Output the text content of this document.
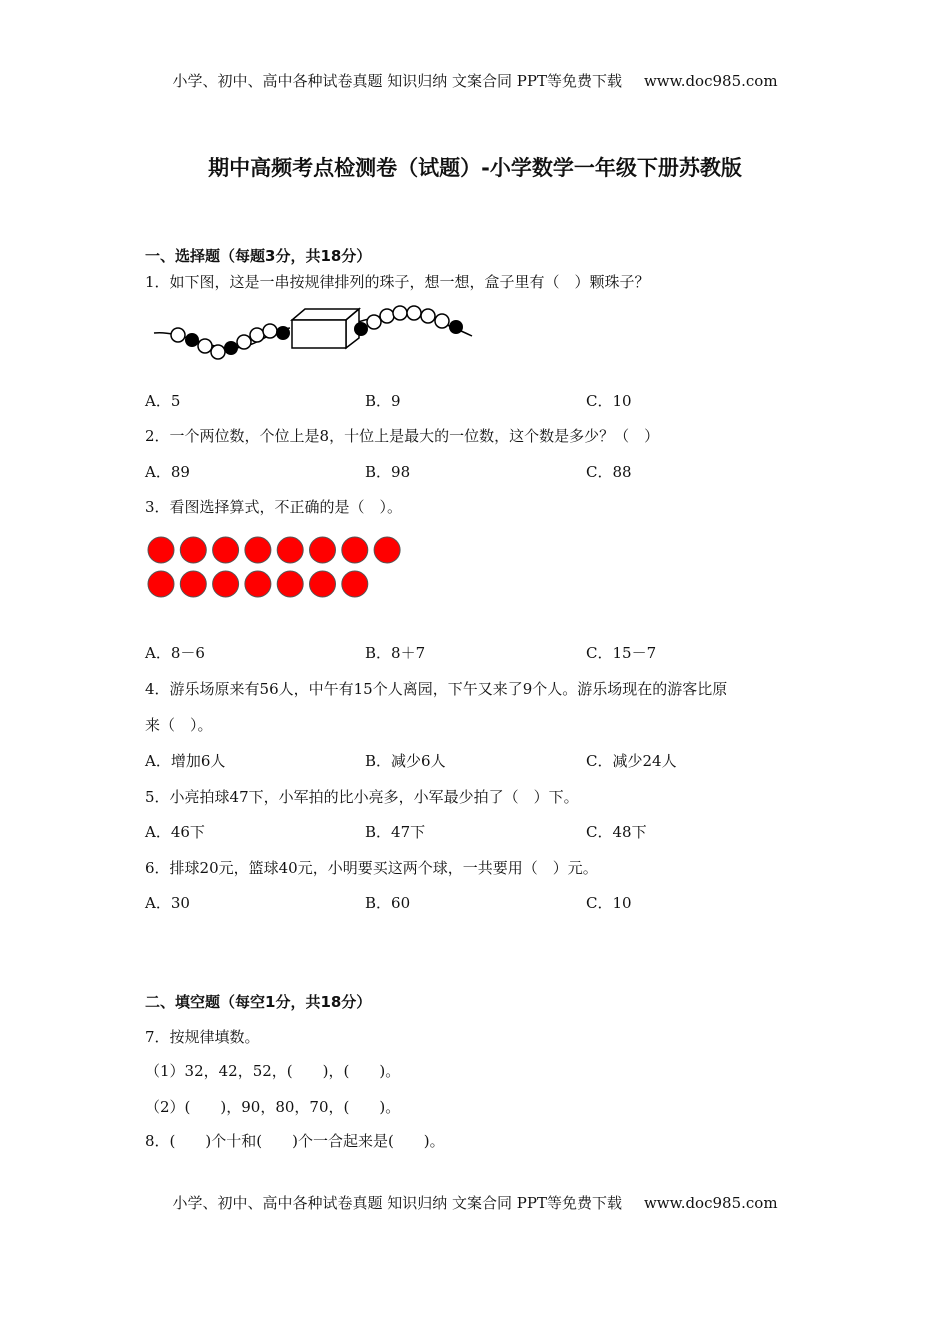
小学、初中、高中各种试卷真题 知识归纳 文案合同 PPT等免费下载 www.doc985.com
期中高频考点检测卷（试题）-小学数学一年级下册苏教版
一、选择题（每题3分，共18分）
1．如下图，这是一串按规律排列的珠子，想一想，盒子里有（　）颗珠子？
A．5	B．9	C．10
2．一个两位数，个位上是8，十位上是最大的一位数，这个数是多少？（　）
A．89	B．98	C．88
3．看图选择算式，不正确的是（　）。
A．8－6	B．8＋7	C．15－7
4．游乐场原来有56人，中午有15个人离园，下午又来了9个人。游乐场现在的游客比原
来（　）。
A．增加6人	B．减少6人	C．减少24人
5．小亮拍球47下，小军拍的比小亮多，小军最少拍了（　）下。
A．46下	B．47下	C．48下
6．排球20元，篮球40元，小明要买这两个球，一共要用（　）元。
A．30	B．60	C．10
二、填空题（每空1分，共18分）
7．按规律填数。
（1）32，42，52，(　　)，(　　)。
（2）(　　)，90，80，70，(　　)。
8．(　　)个十和(　　)个一合起来是(　　)。
小学、初中、高中各种试卷真题 知识归纳 文案合同 PPT等免费下载 www.doc985.com
